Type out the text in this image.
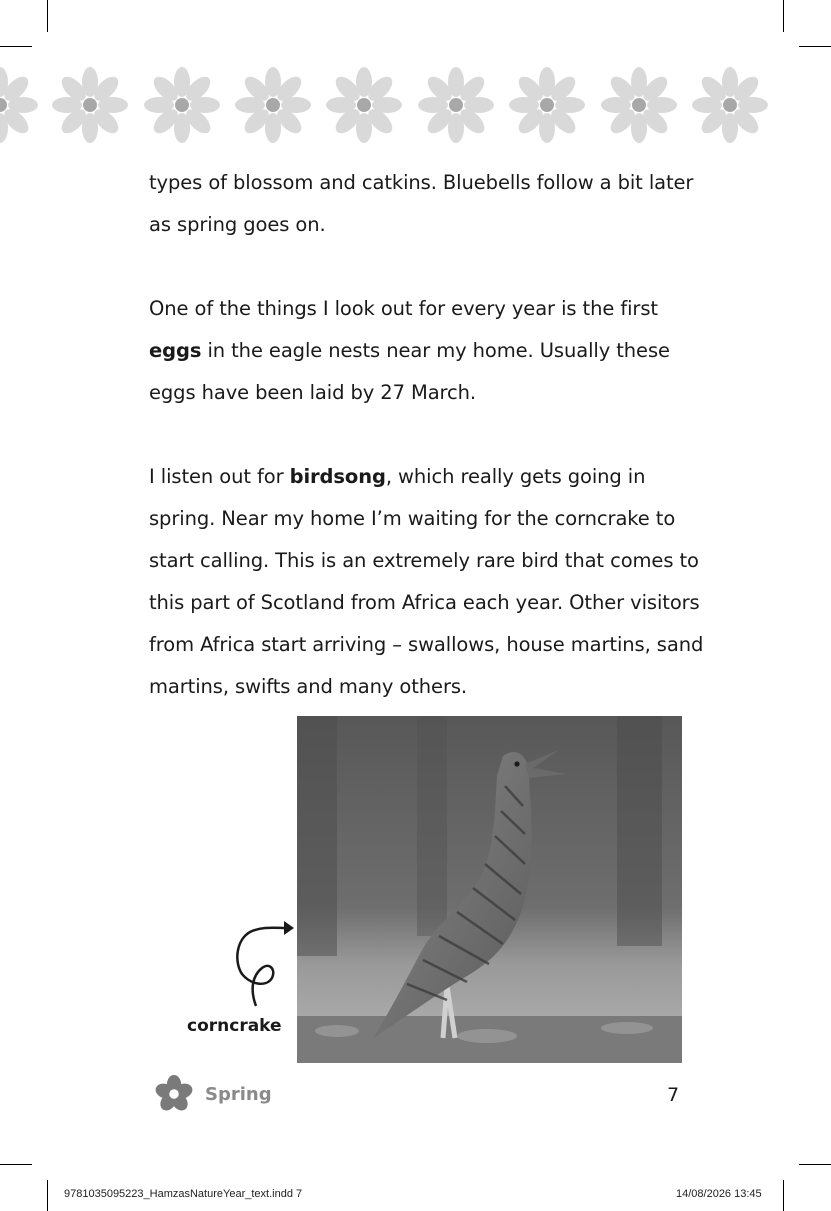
types of blossom and catkins. Bluebells follow a bit later as spring goes on.

One of the things I look out for every year is the first eggs in the eagle nests near my home. Usually these eggs have been laid by 27 March.

I listen out for birdsong, which really gets going in spring. Near my home I’m waiting for the corncrake to start calling. This is an extremely rare bird that comes to this part of Scotland from Africa each year. Other visitors from Africa start arriving – swallows, house martins, sand martins, swifts and many others.

corncrake
Spring	7
9781035095223_HamzasNatureYear_text.indd 7	14/08/2026 13:45
